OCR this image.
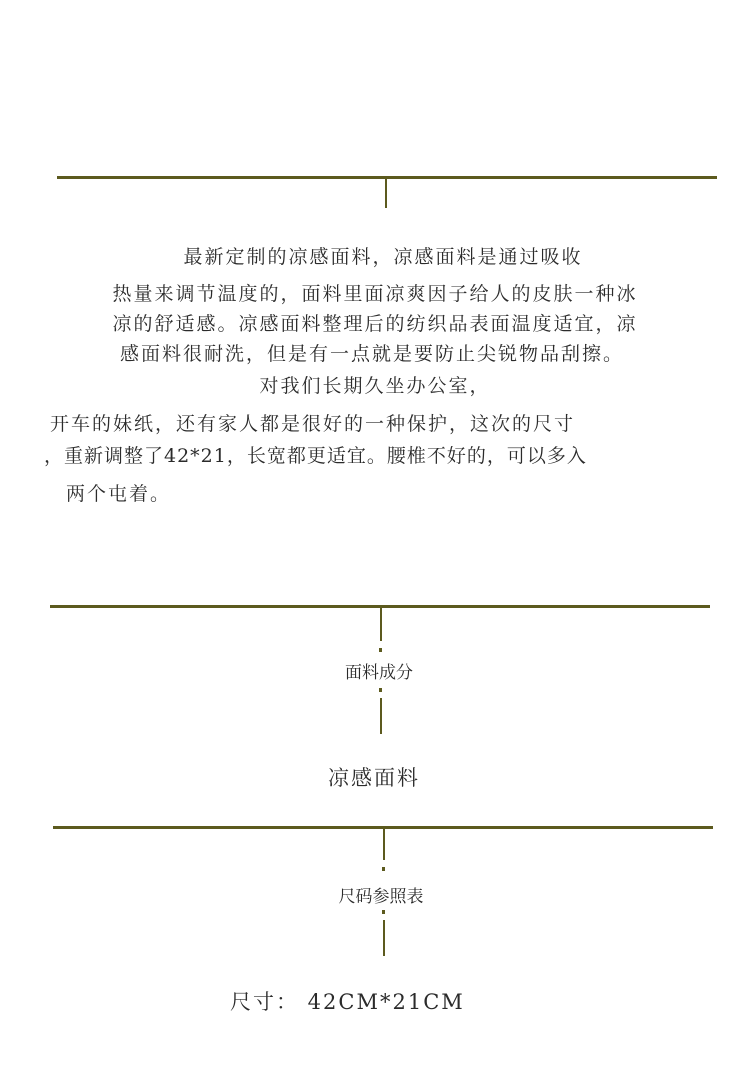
最新定制的凉感面料，凉感面料是通过吸收
热量来调节温度的，面料里面凉爽因子给人的皮肤一种冰
凉的舒适感。凉感面料整理后的纺织品表面温度适宜，凉
感面料很耐洗，但是有一点就是要防止尖锐物品刮擦。
对我们长期久坐办公室，
开车的妹纸，还有家人都是很好的一种保护，这次的尺寸
，重新调整了42*21，长宽都更适宜。腰椎不好的，可以多入
两个屯着。
面料成分
凉感面料
尺码参照表
尺寸： 42CM*21CM
